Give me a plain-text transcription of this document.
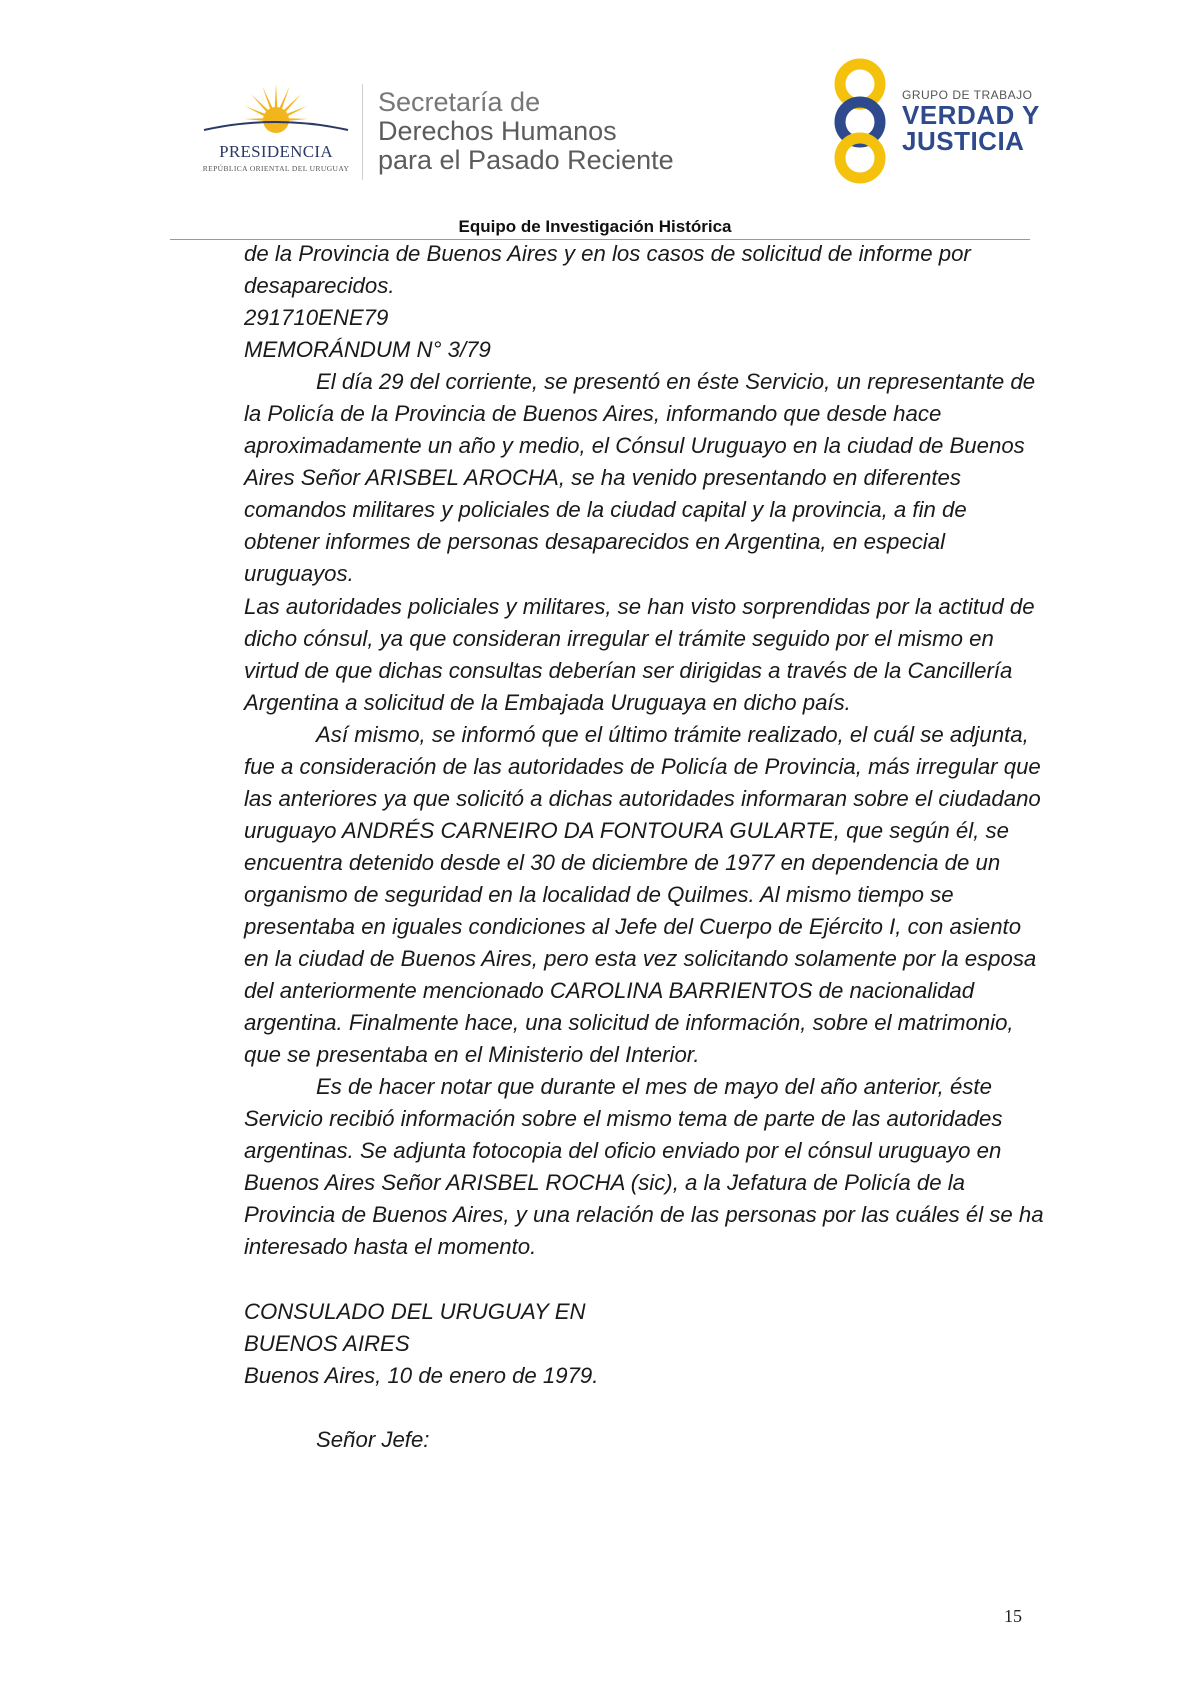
PRESIDENCIA
REPÚBLICA ORIENTAL DEL URUGUAY
Secretaría de
Derechos Humanos
para el Pasado Reciente
GRUPO DE TRABAJO
VERDAD Y
JUSTICIA
Equipo de Investigación Histórica

de la Provincia de Buenos Aires y en los casos de solicitud de informe por desaparecidos.

291710ENE79

MEMORÁNDUM N° 3/79

El día 29 del corriente, se presentó en éste Servicio, un representante de la Policía de la Provincia de Buenos Aires, informando que desde hace aproximadamente un año y medio, el Cónsul Uruguayo en la ciudad de Buenos Aires Señor ARISBEL AROCHA, se ha venido presentando en diferentes comandos militares y policiales de la ciudad capital y la provincia, a fin de obtener informes de personas desaparecidos en Argentina, en especial uruguayos.

Las autoridades policiales y militares, se han visto sorprendidas por la actitud de dicho cónsul, ya que consideran irregular el trámite seguido por el mismo en virtud de que dichas consultas deberían ser dirigidas a través de la Cancillería Argentina a solicitud de la Embajada Uruguaya en dicho país.

Así mismo, se informó que el último trámite realizado, el cuál se adjunta, fue a consideración de las autoridades de Policía de Provincia, más irregular que las anteriores ya que solicitó a dichas autoridades informaran sobre el ciudadano uruguayo ANDRÉS CARNEIRO DA FONTOURA GULARTE, que según él, se encuentra detenido desde el 30 de diciembre de 1977 en dependencia de un organismo de seguridad en la localidad de Quilmes. Al mismo tiempo se presentaba en iguales condiciones al Jefe del Cuerpo de Ejército I, con asiento en la ciudad de Buenos Aires, pero esta vez solicitando solamente por la esposa del anteriormente mencionado CAROLINA BARRIENTOS de nacionalidad argentina. Finalmente hace, una solicitud de información, sobre el matrimonio, que se presentaba en el Ministerio del Interior.

Es de hacer notar que durante el mes de mayo del año anterior, éste Servicio recibió información sobre el mismo tema de parte de las autoridades argentinas. Se adjunta fotocopia del oficio enviado por el cónsul uruguayo en Buenos Aires Señor ARISBEL ROCHA (sic), a la Jefatura de Policía de la Provincia de Buenos Aires, y una relación de las personas por las cuáles él se ha interesado hasta el momento.

CONSULADO DEL URUGUAY EN

BUENOS AIRES

Buenos Aires, 10 de enero de 1979.

Señor Jefe:

15
